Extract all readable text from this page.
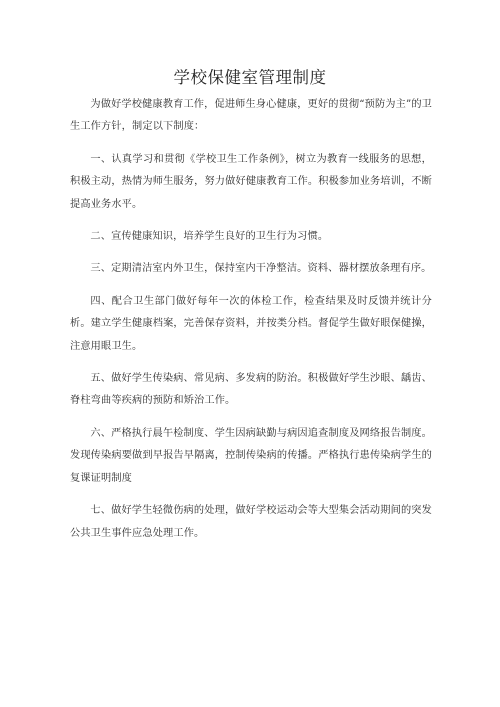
学校保健室管理制度

为做好学校健康教育工作，促进师生身心健康，更好的贯彻“预防为主”的卫生工作方针，制定以下制度：

一、认真学习和贯彻《学校卫生工作条例》，树立为教育一线服务的思想，积极主动，热情为师生服务，努力做好健康教育工作。积极参加业务培训，不断提高业务水平。

二、宣传健康知识，培养学生良好的卫生行为习惯。

三、定期清洁室内外卫生，保持室内干净整洁。资料、器材摆放条理有序。

四、配合卫生部门做好每年一次的体检工作，检查结果及时反馈并统计分析。建立学生健康档案，完善保存资料，并按类分档。督促学生做好眼保健操，注意用眼卫生。

五、做好学生传染病、常见病、多发病的防治。积极做好学生沙眼、龋齿、脊柱弯曲等疾病的预防和矫治工作。

六、严格执行晨午检制度、学生因病缺勤与病因追查制度及网络报告制度。发现传染病要做到早报告早隔离，控制传染病的传播。严格执行患传染病学生的复课证明制度

七、做好学生轻微伤病的处理，做好学校运动会等大型集会活动期间的突发公共卫生事件应急处理工作。
